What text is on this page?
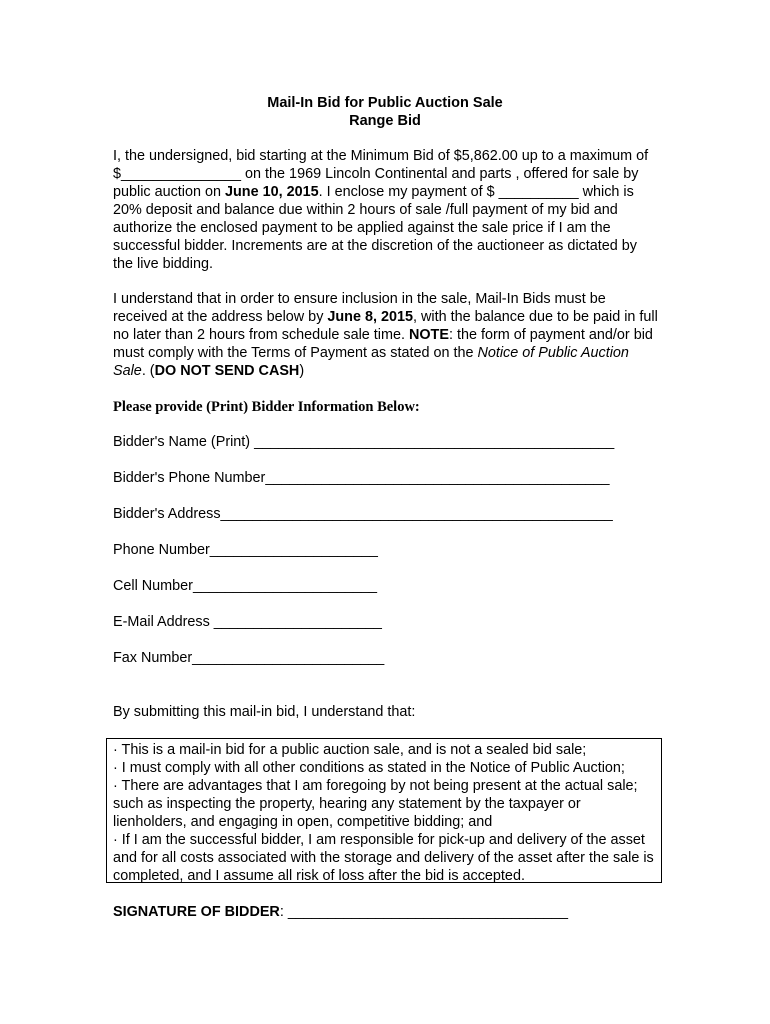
Mail-In Bid for Public Auction Sale
Range Bid

I, the undersigned, bid starting at the Minimum Bid of $5,862.00 up to a maximum of $_______________ on the 1969 Lincoln Continental and parts , offered for sale by public auction on June 10, 2015. I enclose my payment of $ __________ which is 20% deposit and balance due within 2 hours of sale /full payment of my bid and authorize the enclosed payment to be applied against the sale price if I am the successful bidder. Increments are at the discretion of the auctioneer as dictated by the live bidding.

I understand that in order to ensure inclusion in the sale, Mail-In Bids must be received at the address below by June 8, 2015, with the balance due to be paid in full no later than 2 hours from schedule sale time. NOTE: the form of payment and/or bid must comply with the Terms of Payment as stated on the Notice of Public Auction Sale. (DO NOT SEND CASH)

Please provide (Print) Bidder Information Below:
Bidder's Name (Print) _____________________________________________
Bidder's Phone Number___________________________________________
Bidder's Address_________________________________________________
Phone Number_____________________
Cell Number_______________________
E-Mail Address _____________________
Fax Number________________________
By submitting this mail-in bid, I understand that:

· This is a mail-in bid for a public auction sale, and is not a sealed bid sale;

· I must comply with all other conditions as stated in the Notice of Public Auction;

· There are advantages that I am foregoing by not being present at the actual sale; such as inspecting the property, hearing any statement by the taxpayer or lienholders, and engaging in open, competitive bidding; and

· If I am the successful bidder, I am responsible for pick-up and delivery of the asset and for all costs associated with the storage and delivery of the asset after the sale is completed, and I assume all risk of loss after the bid is accepted.

SIGNATURE OF BIDDER: ___________________________________
